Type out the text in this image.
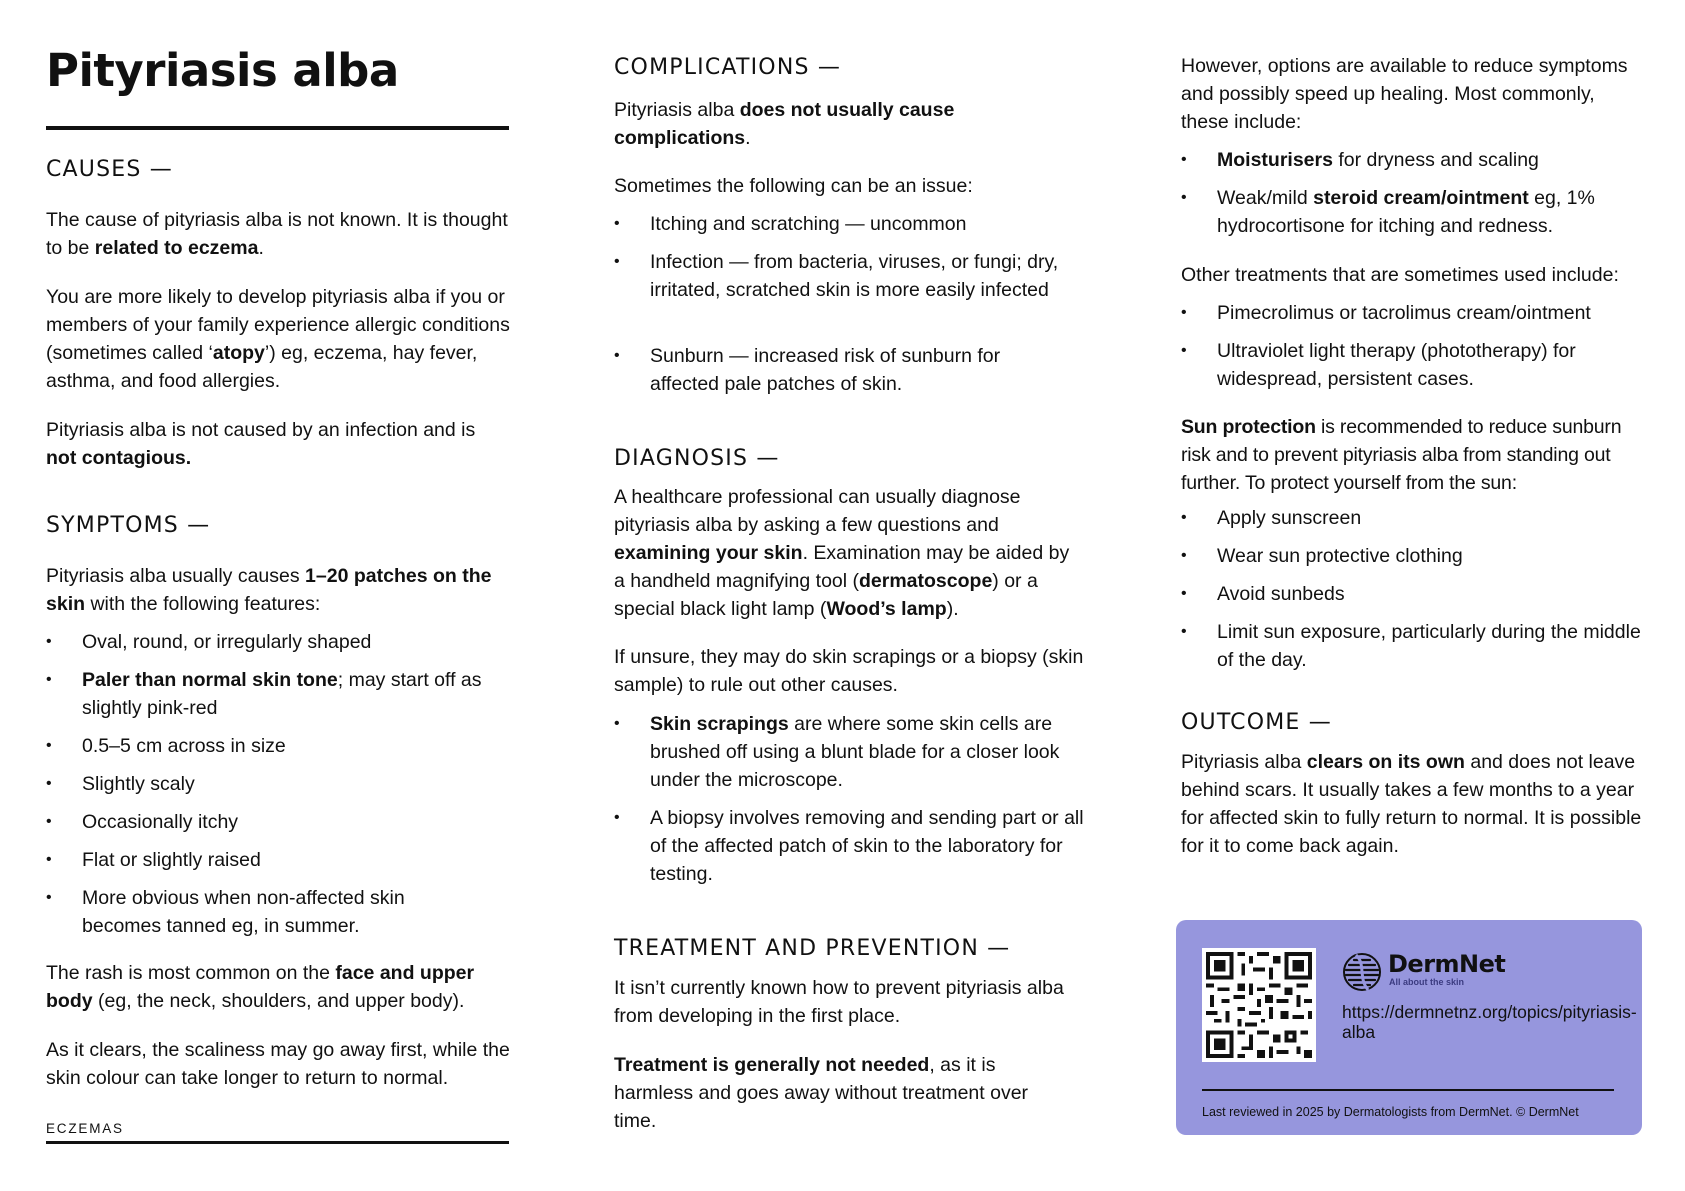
Pityriasis alba
CAUSES —

The cause of pityriasis alba is not known. It is thought to be related to eczema.

You are more likely to develop pityriasis alba if you or members of your family experience allergic conditions (sometimes called ‘atopy’) eg, eczema, hay fever, asthma, and food allergies.

Pityriasis alba is not caused by an infection and is not contagious.

SYMPTOMS —

Pityriasis alba usually causes 1–20 patches on the skin with the following features:

• Oval, round, or irregularly shaped

• Paler than normal skin tone; may start off as slightly pink-red

• 0.5–5 cm across in size

• Slightly scaly

• Occasionally itchy

• Flat or slightly raised

• More obvious when non-affected skin becomes tanned eg, in summer.

The rash is most common on the face and upper body (eg, the neck, shoulders, and upper body).

As it clears, the scaliness may go away first, while the skin colour can take longer to return to normal.

ECZEMAS

COMPLICATIONS —

Pityriasis alba does not usually cause complications.

Sometimes the following can be an issue:

• Itching and scratching — uncommon

• Infection — from bacteria, viruses, or fungi; dry, irritated, scratched skin is more easily infected

• Sunburn — increased risk of sunburn for affected pale patches of skin.

DIAGNOSIS —

A healthcare professional can usually diagnose pityriasis alba by asking a few questions and examining your skin. Examination may be aided by a handheld magnifying tool (dermatoscope) or a special black light lamp (Wood’s lamp).

If unsure, they may do skin scrapings or a biopsy (skin sample) to rule out other causes.

• Skin scrapings are where some skin cells are brushed off using a blunt blade for a closer look under the microscope.

• A biopsy involves removing and sending part or all of the affected patch of skin to the laboratory for testing.

TREATMENT AND PREVENTION —

It isn’t currently known how to prevent pityriasis alba from developing in the first place.

Treatment is generally not needed, as it is harmless and goes away without treatment over time.

However, options are available to reduce symptoms and possibly speed up healing. Most commonly, these include:

• Moisturisers for dryness and scaling

• Weak/mild steroid cream/ointment eg, 1% hydrocortisone for itching and redness.

Other treatments that are sometimes used include:

• Pimecrolimus or tacrolimus cream/ointment

• Ultraviolet light therapy (phototherapy) for widespread, persistent cases.

Sun protection is recommended to reduce sunburn risk and to prevent pityriasis alba from standing out further. To protect yourself from the sun:

• Apply sunscreen

• Wear sun protective clothing

• Avoid sunbeds

• Limit sun exposure, particularly during the middle of the day.

OUTCOME —

Pityriasis alba clears on its own and does not leave behind scars. It usually takes a few months to a year for affected skin to fully return to normal. It is possible for it to come back again.

DermNet

All about the skin

https://dermnetnz.org/topics/pityriasis-alba

Last reviewed in 2025 by Dermatologists from DermNet. © DermNet
